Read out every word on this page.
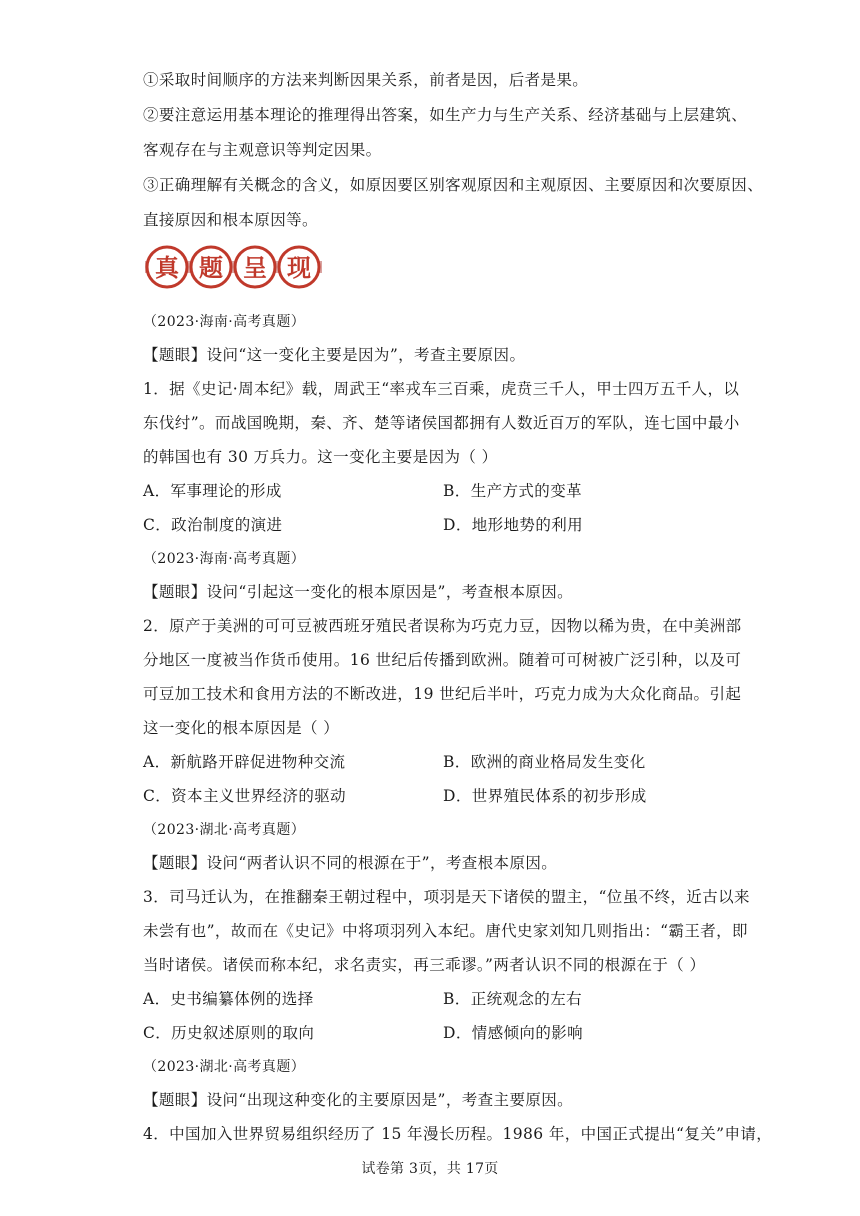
①采取时间顺序的方法来判断因果关系，前者是因，后者是果。
②要注意运用基本理论的推理得出答案，如生产力与生产关系、经济基础与上层建筑、
客观存在与主观意识等判定因果。
③正确理解有关概念的含义，如原因要区别客观原因和主观原因、主要原因和次要原因、
直接原因和根本原因等。
真 题 呈 现
（2023·海南·高考真题）
【题眼】设问“这一变化主要是因为”，考查主要原因。
1．据《史记·周本纪》载，周武王“率戎车三百乘，虎贲三千人，甲士四万五千人，以
东伐纣”。而战国晚期，秦、齐、楚等诸侯国都拥有人数近百万的军队，连七国中最小
的韩国也有 30 万兵力。这一变化主要是因为（ ）
A．军事理论的形成	B．生产方式的变革
C．政治制度的演进	D．地形地势的利用
（2023·海南·高考真题）
【题眼】设问“引起这一变化的根本原因是”，考查根本原因。
2．原产于美洲的可可豆被西班牙殖民者误称为巧克力豆，因物以稀为贵，在中美洲部
分地区一度被当作货币使用。16 世纪后传播到欧洲。随着可可树被广泛引种，以及可
可豆加工技术和食用方法的不断改进，19 世纪后半叶，巧克力成为大众化商品。引起
这一变化的根本原因是（ ）
A．新航路开辟促进物种交流	B．欧洲的商业格局发生变化
C．资本主义世界经济的驱动	D．世界殖民体系的初步形成
（2023·湖北·高考真题）
【题眼】设问“两者认识不同的根源在于”，考查根本原因。
3．司马迁认为，在推翻秦王朝过程中，项羽是天下诸侯的盟主，“位虽不终，近古以来
未尝有也”，故而在《史记》中将项羽列入本纪。唐代史家刘知几则指出：“霸王者，即
当时诸侯。诸侯而称本纪，求名责实，再三乖谬。”两者认识不同的根源在于（ ）
A．史书编纂体例的选择	B．正统观念的左右
C．历史叙述原则的取向	D．情感倾向的影响
（2023·湖北·高考真题）
【题眼】设问“出现这种变化的主要原因是”，考查主要原因。
4．中国加入世界贸易组织经历了 15 年漫长历程。1986 年，中国正式提出“复关”申请，
试卷第 3页，共 17页
